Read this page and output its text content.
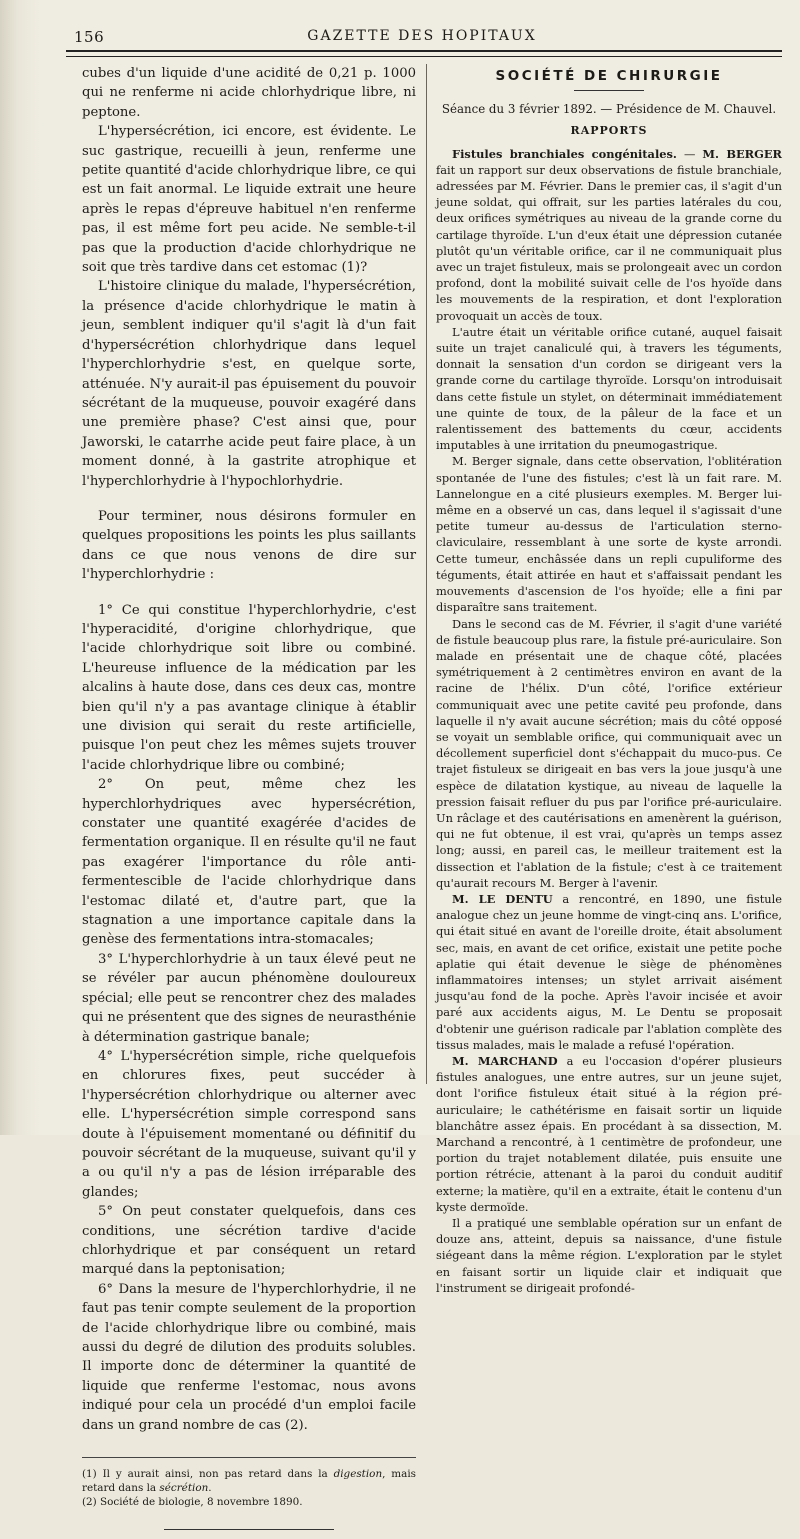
156	GAZETTE DES HOPITAUX

cubes d'un liquide d'une acidité de 0,21 p. 1000 qui ne renferme ni acide chlorhydrique libre, ni peptone.

L'hypersécrétion, ici encore, est évidente. Le suc gastrique, recueilli à jeun, renferme une petite quantité d'acide chlorhydrique libre, ce qui est un fait anormal. Le liquide extrait une heure après le repas d'épreuve habituel n'en renferme pas, il est même fort peu acide. Ne semble-t-il pas que la production d'acide chlorhydrique ne soit que très tardive dans cet estomac (1)?

L'histoire clinique du malade, l'hypersécrétion, la présence d'acide chlorhydrique le matin à jeun, semblent indiquer qu'il s'agit là d'un fait d'hypersécrétion chlorhydrique dans lequel l'hyperchlorhydrie s'est, en quelque sorte, atténuée. N'y aurait-il pas épuisement du pouvoir sécrétant de la muqueuse, pouvoir exagéré dans une première phase? C'est ainsi que, pour Jaworski, le catarrhe acide peut faire place, à un moment donné, à la gastrite atrophique et l'hyperchlorhydrie à l'hypochlorhydrie.

Pour terminer, nous désirons formuler en quelques propositions les points les plus saillants dans ce que nous venons de dire sur l'hyperchlorhydrie :

1° Ce qui constitue l'hyperchlorhydrie, c'est l'hyperacidité, d'origine chlorhydrique, que l'acide chlorhydrique soit libre ou combiné. L'heureuse influence de la médication par les alcalins à haute dose, dans ces deux cas, montre bien qu'il n'y a pas avantage clinique à établir une division qui serait du reste artificielle, puisque l'on peut chez les mêmes sujets trouver l'acide chlorhydrique libre ou combiné;

2° On peut, même chez les hyperchlorhydriques avec hypersécrétion, constater une quantité exagérée d'acides de fermentation organique. Il en résulte qu'il ne faut pas exagérer l'importance du rôle anti-fermentescible de l'acide chlorhydrique dans l'estomac dilaté et, d'autre part, que la stagnation a une importance capitale dans la genèse des fermentations intra-stomacales;

3° L'hyperchlorhydrie à un taux élevé peut ne se révéler par aucun phénomène douloureux spécial; elle peut se rencontrer chez des malades qui ne présentent que des signes de neurasthénie à détermination gastrique banale;

4° L'hypersécrétion simple, riche quelquefois en chlorures fixes, peut succéder à l'hypersécrétion chlorhydrique ou alterner avec elle. L'hypersécrétion simple correspond sans doute à l'épuisement momentané ou définitif du pouvoir sécrétant de la muqueuse, suivant qu'il y a ou qu'il n'y a pas de lésion irréparable des glandes;

5° On peut constater quelquefois, dans ces conditions, une sécrétion tardive d'acide chlorhydrique et par conséquent un retard marqué dans la peptonisation;

6° Dans la mesure de l'hyperchlorhydrie, il ne faut pas tenir compte seulement de la proportion de l'acide chlorhydrique libre ou combiné, mais aussi du degré de dilution des produits solubles. Il importe donc de déterminer la quantité de liquide que renferme l'estomac, nous avons indiqué pour cela un procédé d'un emploi facile dans un grand nombre de cas (2).

(1) Il y aurait ainsi, non pas retard dans la digestion, mais retard dans la sécrétion.

(2) Société de biologie, 8 novembre 1890.

SOCIÉTÉ DE CHIRURGIE

Séance du 3 février 1892. — Présidence de M. Chauvel.

RAPPORTS

Fistules branchiales congénitales. — M. BERGER fait un rapport sur deux observations de fistule branchiale, adressées par M. Février. Dans le premier cas, il s'agit d'un jeune soldat, qui offrait, sur les parties latérales du cou, deux orifices symétriques au niveau de la grande corne du cartilage thyroïde. L'un d'eux était une dépression cutanée plutôt qu'un véritable orifice, car il ne communiquait plus avec un trajet fistuleux, mais se prolongeait avec un cordon profond, dont la mobilité suivait celle de l'os hyoïde dans les mouvements de la respiration, et dont l'exploration provoquait un accès de toux.

L'autre était un véritable orifice cutané, auquel faisait suite un trajet canaliculé qui, à travers les téguments, donnait la sensation d'un cordon se dirigeant vers la grande corne du cartilage thyroïde. Lorsqu'on introduisait dans cette fistule un stylet, on déterminait immédiatement une quinte de toux, de la pâleur de la face et un ralentissement des battements du cœur, accidents imputables à une irritation du pneumogastrique.

M. Berger signale, dans cette observation, l'oblitération spontanée de l'une des fistules; c'est là un fait rare. M. Lannelongue en a cité plusieurs exemples. M. Berger lui-même en a observé un cas, dans lequel il s'agissait d'une petite tumeur au-dessus de l'articulation sterno-claviculaire, ressemblant à une sorte de kyste arrondi. Cette tumeur, enchâssée dans un repli cupuliforme des téguments, était attirée en haut et s'affaissait pendant les mouvements d'ascension de l'os hyoïde; elle a fini par disparaître sans traitement.

Dans le second cas de M. Février, il s'agit d'une variété de fistule beaucoup plus rare, la fistule pré-auriculaire. Son malade en présentait une de chaque côté, placées symétriquement à 2 centimètres environ en avant de la racine de l'hélix. D'un côté, l'orifice extérieur communiquait avec une petite cavité peu profonde, dans laquelle il n'y avait aucune sécrétion; mais du côté opposé se voyait un semblable orifice, qui communiquait avec un décollement superficiel dont s'échappait du muco-pus. Ce trajet fistuleux se dirigeait en bas vers la joue jusqu'à une espèce de dilatation kystique, au niveau de laquelle la pression faisait refluer du pus par l'orifice pré-auriculaire. Un râclage et des cautérisations en amenèrent la guérison, qui ne fut obtenue, il est vrai, qu'après un temps assez long; aussi, en pareil cas, le meilleur traitement est la dissection et l'ablation de la fistule; c'est à ce traitement qu'aurait recours M. Berger à l'avenir.

M. LE DENTU a rencontré, en 1890, une fistule analogue chez un jeune homme de vingt-cinq ans. L'orifice, qui était situé en avant de l'oreille droite, était absolument sec, mais, en avant de cet orifice, existait une petite poche aplatie qui était devenue le siège de phénomènes inflammatoires intenses; un stylet arrivait aisément jusqu'au fond de la poche. Après l'avoir incisée et avoir paré aux accidents aigus, M. Le Dentu se proposait d'obtenir une guérison radicale par l'ablation complète des tissus malades, mais le malade a refusé l'opération.

M. MARCHAND a eu l'occasion d'opérer plusieurs fistules analogues, une entre autres, sur un jeune sujet, dont l'orifice fistuleux était situé à la région pré-auriculaire; le cathétérisme en faisait sortir un liquide blanchâtre assez épais. En procédant à sa dissection, M. Marchand a rencontré, à 1 centimètre de profondeur, une portion du trajet notablement dilatée, puis ensuite une portion rétrécie, attenant à la paroi du conduit auditif externe; la matière, qu'il en a extraite, était le contenu d'un kyste dermoïde.

Il a pratiqué une semblable opération sur un enfant de douze ans, atteint, depuis sa naissance, d'une fistule siégeant dans la même région. L'exploration par le stylet en faisant sortir un liquide clair et indiquait que l'instrument se dirigeait profondé-
